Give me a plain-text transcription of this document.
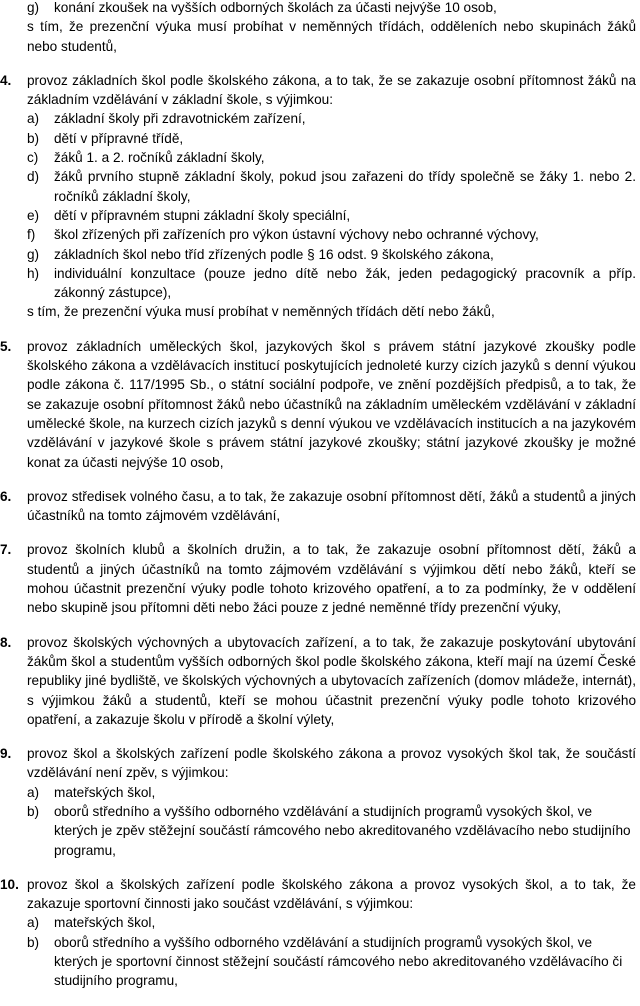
g) konání zkoušek na vyšších odborných školách za účasti nejvýše 10 osob,
s tím, že prezenční výuka musí probíhat v neměnných třídách, odděleních nebo skupinách žáků nebo studentů,
4. provoz základních škol podle školského zákona, a to tak, že se zakazuje osobní přítomnost žáků na základním vzdělávání v základní škole, s výjimkou:
a) základní školy při zdravotnickém zařízení,
b) dětí v přípravné třídě,
c) žáků 1. a 2. ročníků základní školy,
d) žáků prvního stupně základní školy, pokud jsou zařazeni do třídy společně se žáky 1. nebo 2. ročníků základní školy,
e) dětí v přípravném stupni základní školy speciální,
f) škol zřízených při zařízeních pro výkon ústavní výchovy nebo ochranné výchovy,
g) základních škol nebo tříd zřízených podle § 16 odst. 9 školského zákona,
h) individuální konzultace (pouze jedno dítě nebo žák, jeden pedagogický pracovník a příp. zákonný zástupce),
s tím, že prezenční výuka musí probíhat v neměnných třídách dětí nebo žáků,
5. provoz základních uměleckých škol, jazykových škol s právem státní jazykové zkoušky podle školského zákona a vzdělávacích institucí poskytujících jednoleté kurzy cizích jazyků s denní výukou podle zákona č. 117/1995 Sb., o státní sociální podpoře, ve znění pozdějších předpisů, a to tak, že se zakazuje osobní přítomnost žáků nebo účastníků na základním uměleckém vzdělávání v základní umělecké škole, na kurzech cizích jazyků s denní výukou ve vzdělávacích institucích a na jazykovém vzdělávání v jazykové škole s právem státní jazykové zkoušky; státní jazykové zkoušky je možné konat za účasti nejvýše 10 osob,
6. provoz středisek volného času, a to tak, že zakazuje osobní přítomnost dětí, žáků a studentů a jiných účastníků na tomto zájmovém vzdělávání,
7. provoz školních klubů a školních družin, a to tak, že zakazuje osobní přítomnost dětí, žáků a studentů a jiných účastníků na tomto zájmovém vzdělávání s výjimkou dětí nebo žáků, kteří se mohou účastnit prezenční výuky podle tohoto krizového opatření, a to za podmínky, že v oddělení nebo skupině jsou přítomni děti nebo žáci pouze z jedné neměnné třídy prezenční výuky,
8. provoz školských výchovných a ubytovacích zařízení, a to tak, že zakazuje poskytování ubytování žákům škol a studentům vyšších odborných škol podle školského zákona, kteří mají na území České republiky jiné bydliště, ve školských výchovných a ubytovacích zařízeních (domov mládeže, internát), s výjimkou žáků a studentů, kteří se mohou účastnit prezenční výuky podle tohoto krizového opatření, a zakazuje školu v přírodě a školní výlety,
9. provoz škol a školských zařízení podle školského zákona a provoz vysokých škol tak, že součástí vzdělávání není zpěv, s výjimkou:
a) mateřských škol,
b) oborů středního a vyššího odborného vzdělávání a studijních programů vysokých škol, ve kterých je zpěv stěžejní součástí rámcového nebo akreditovaného vzdělávacího nebo studijního programu,
10. provoz škol a školských zařízení podle školského zákona a provoz vysokých škol, a to tak, že zakazuje sportovní činnosti jako součást vzdělávání, s výjimkou:
a) mateřských škol,
b) oborů středního a vyššího odborného vzdělávání a studijních programů vysokých škol, ve kterých je sportovní činnost stěžejní součástí rámcového nebo akreditovaného vzdělávacího či studijního programu,
